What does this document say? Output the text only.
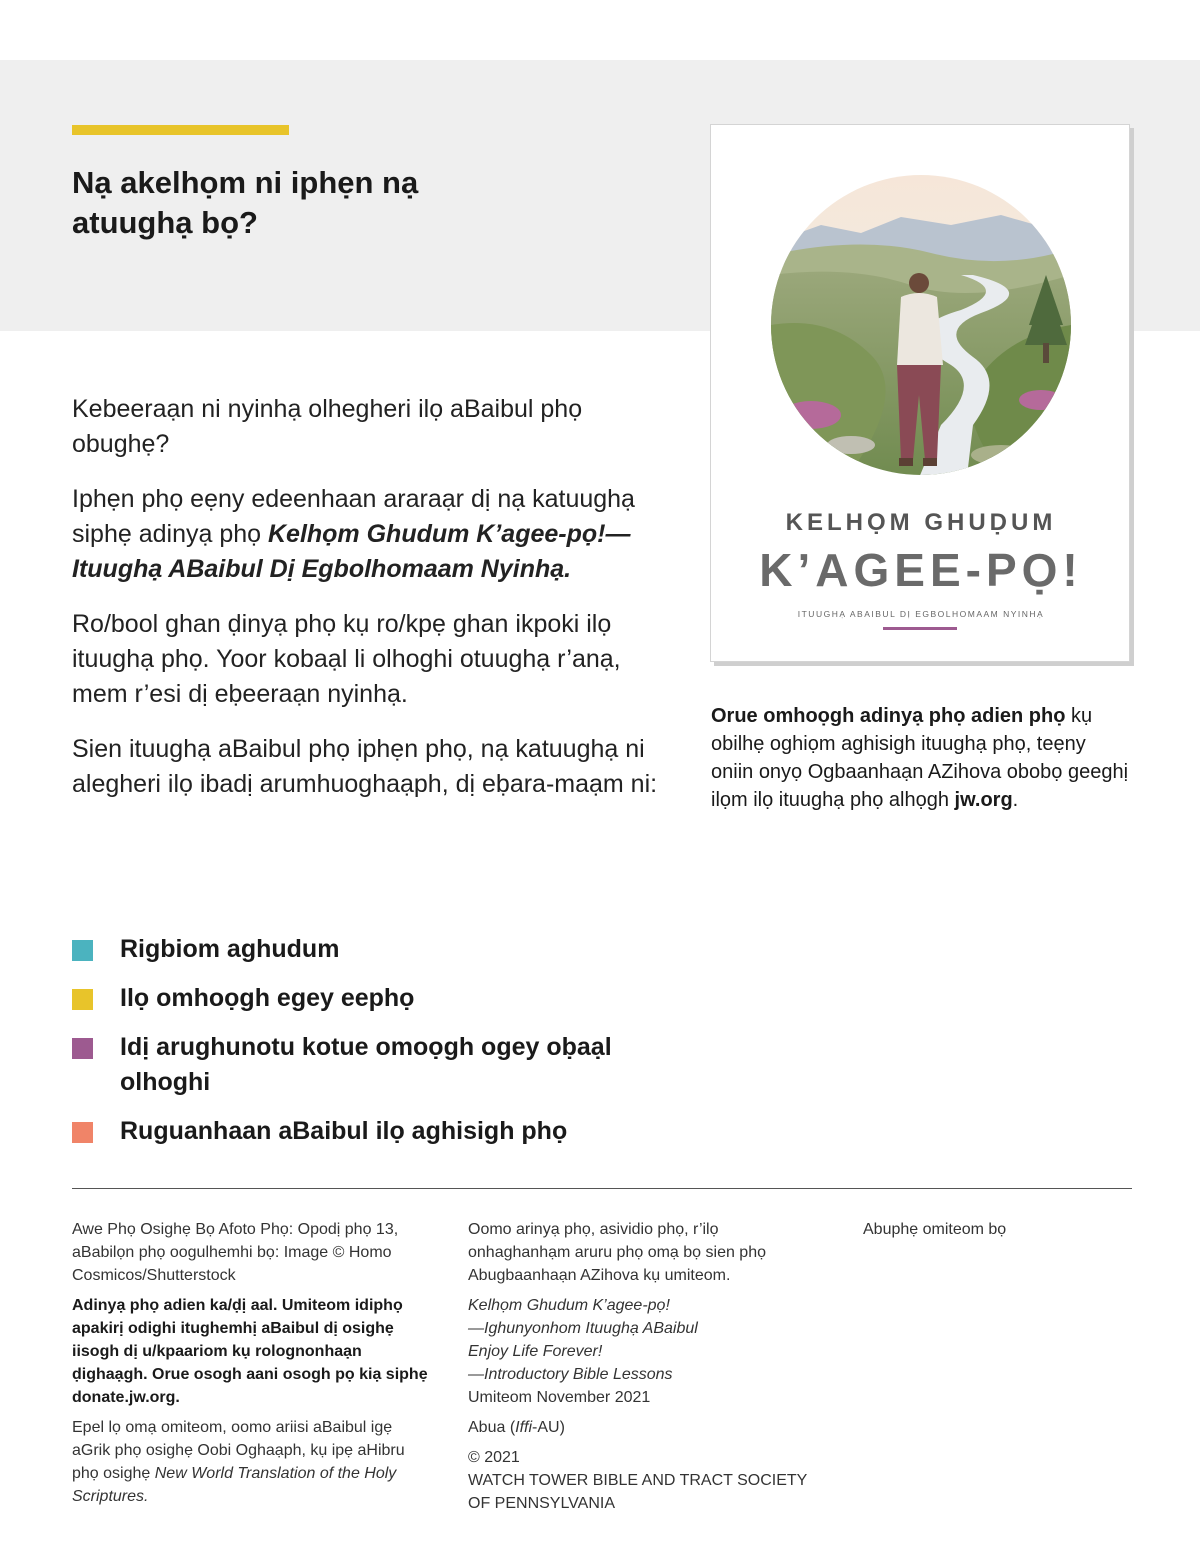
Nạ akelhọm ni iphẹn nạ
atuughạ bọ?

Kebeeraạn ni nyinhạ olhegheri ilọ aBaibul phọ obughẹ?

Iphẹn phọ eẹny edeenhaan araraạr dị nạ katuughạ siphẹ adinyạ phọ Kelhọm Ghudum K’agee-pọ!—Ituughạ ABaibul Dị Egbolhomaam Nyinhạ.

Ro/bool ghan ḍinyạ phọ kụ ro/kpẹ ghan ikpoki ilọ ituughạ phọ. Yoor kobaạl li olhoghi otuughạ r’anạ, mem r’esi dị eḅeeraạn nyinhạ.

Sien ituughạ aBaibul phọ iphẹn phọ, nạ katuughạ ni alegheri ilọ ibadị arumhuoghaạph, dị eḅara-maạm ni:

KELHỌM GHUḌUM
K’AGEE-PỌ!
ITUUGHẠ ABAIBUL DỊ EGBOLHOMAAM NYINHẠ
Orue omhoọgh adinyạ phọ adien phọ kụ obilhẹ oghiọm aghisigh ituughạ phọ, teẹny oniin onyọ Ogbaanhaạn AZihova obobọ geeghị ilọm ilọ ituughạ phọ alhọgh jw.org.
Rigbiom aghudum
Ilọ omhoọgh egey eephọ
Idị arughunotu kotue omoọgh ogey oḅaạl olhoghi
Ruguanhaan aBaibul ilọ aghisigh phọ

Awe Phọ Osighẹ Bọ Afoto Phọ: Opodị phọ 13, aBabilọn phọ oogulhemhi bọ: Image © Homo Cosmicos/Shutterstock

Adinyạ phọ adien ka/ḍị aal. Umiteom idiphọ apakirị odighi itughemhị aBaibul dị osighẹ iisogh dị u/kpaariom kụ rolognonhaạn ḍighaạgh. Orue osogh aani osogh pọ kiạ siphẹ donate.jw.org.

Epel lọ omạ omiteom, oomo ariisi aBaibul igẹ aGrik phọ osighẹ Oobi Oghaạph, kụ ipẹ aHibru phọ osighẹ New World Translation of the Holy Scriptures.

Oomo arinyạ phọ, asividio phọ, r’ilọ onhaghanhạm aruru phọ omạ bọ sien phọ Abugbaanhaạn AZihova kụ umiteom.

Kelhọm Ghudum K’agee-pọ!
—Ighunyonhom Ituughạ ABaibul
Enjoy Life Forever!
—Introductory Bible Lessons
Umiteom November 2021

Abua (Iffi-AU)

© 2021
WATCH TOWER BIBLE AND TRACT SOCIETY
OF PENNSYLVANIA

Abuphẹ omiteom bọ
